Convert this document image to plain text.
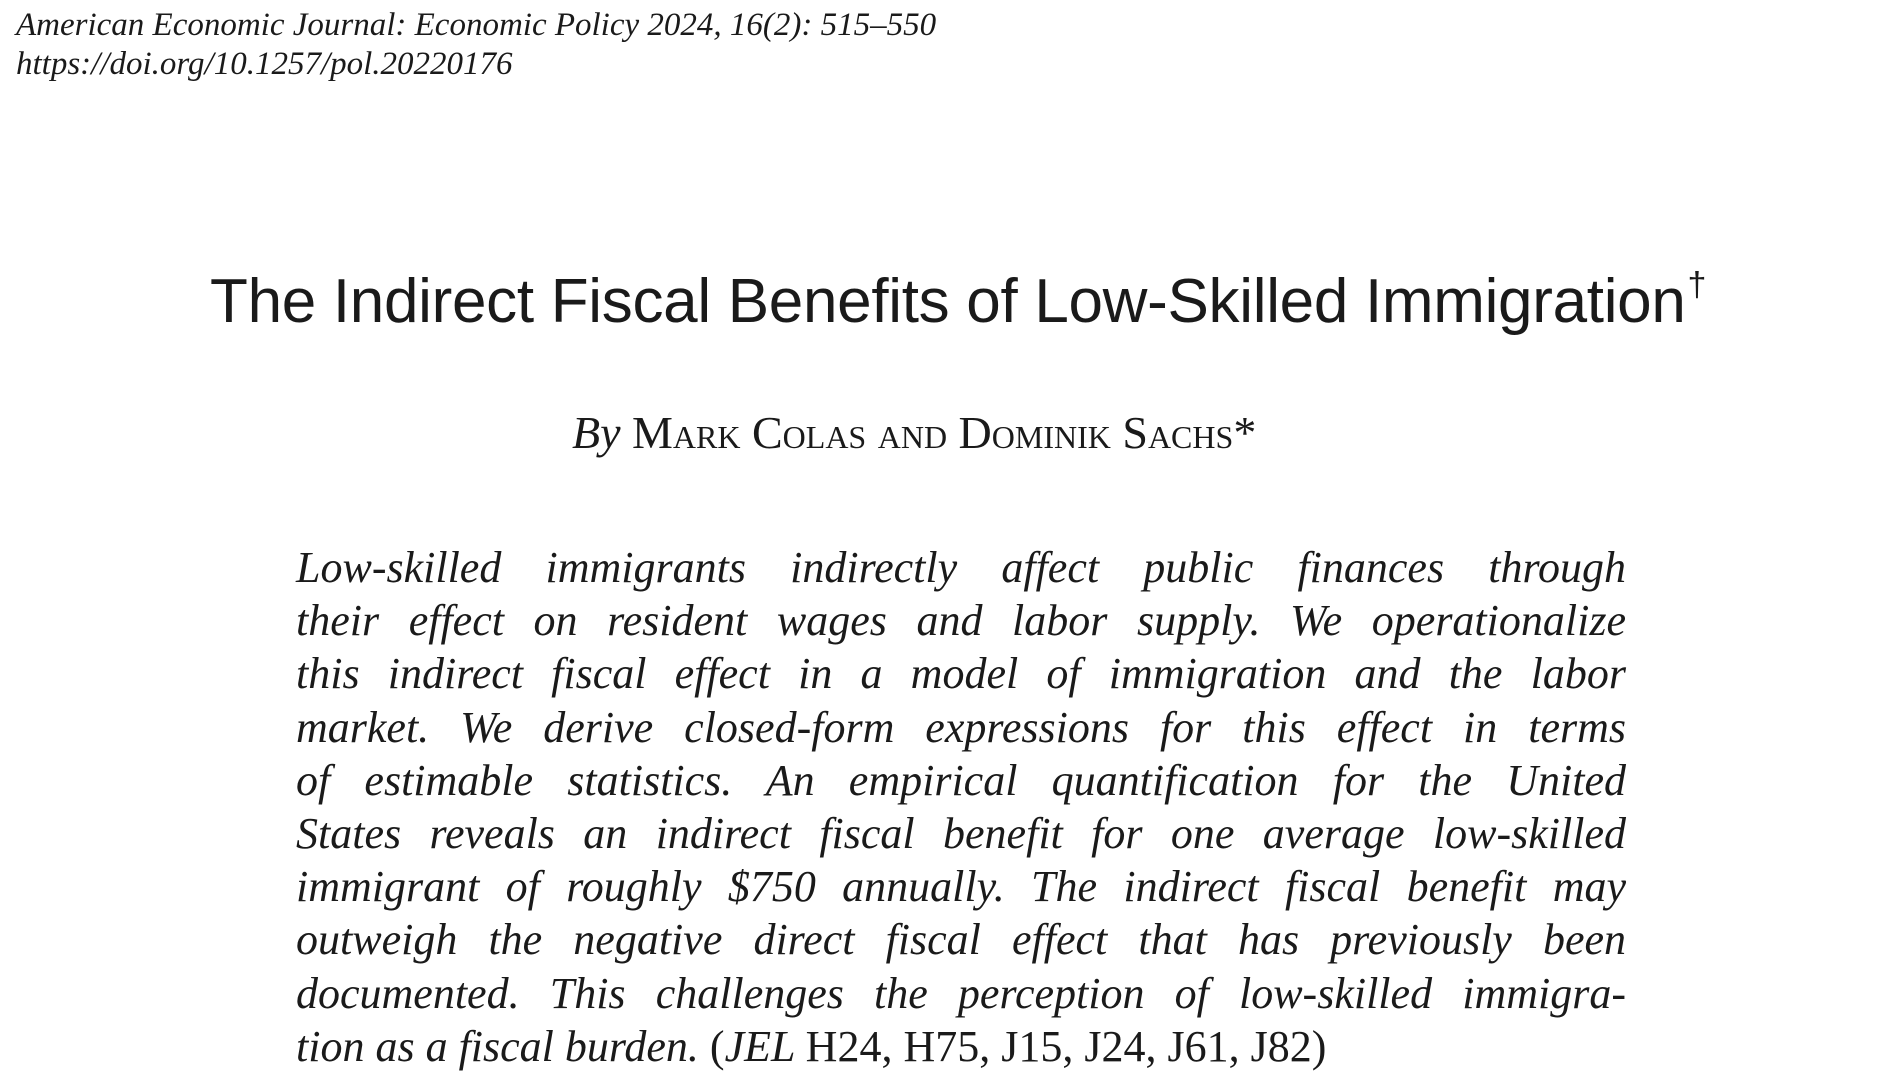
American Economic Journal: Economic Policy 2024, 16(2): 515–550
https://doi.org/10.1257/pol.20220176
The Indirect Fiscal Benefits of Low-Skilled Immigration†
By Mark Colas and Dominik Sachs*
Low-skilled immigrants indirectly affect public finances through
their effect on resident wages and labor supply. We operationalize
this indirect fiscal effect in a model of immigration and the labor
market. We derive closed-form expressions for this effect in terms
of estimable statistics. An empirical quantification for the United
States reveals an indirect fiscal benefit for one average low-skilled
immigrant of roughly $750 annually. The indirect fiscal benefit may
outweigh the negative direct fiscal effect that has previously been
documented. This challenges the perception of low-skilled immigra-
tion as a fiscal burden. (JEL H24, H75, J15, J24, J61, J82)
